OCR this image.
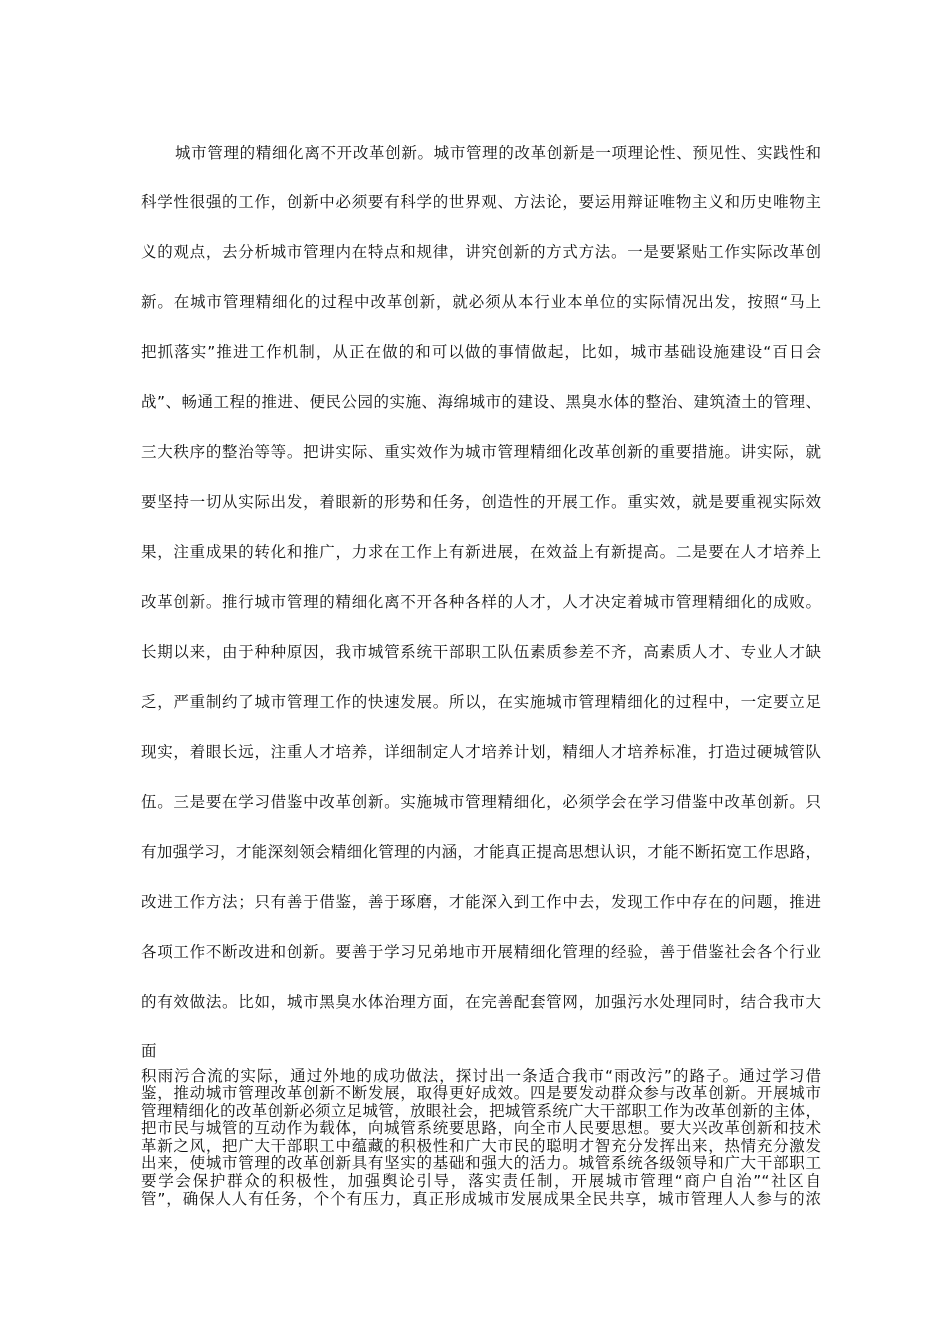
城市管理的精细化离不开改革创新。城市管理的改革创新是一项理论性、预见性、实践性和
科学性很强的工作，创新中必须要有科学的世界观、方法论，要运用辩证唯物主义和历史唯物主
义的观点，去分析城市管理内在特点和规律，讲究创新的方式方法。一是要紧贴工作实际改革创
新。在城市管理精细化的过程中改革创新，就必须从本行业本单位的实际情况出发，按照“马上
把抓落实”推进工作机制，从正在做的和可以做的事情做起，比如，城市基础设施建设“百日会
战”、畅通工程的推进、便民公园的实施、海绵城市的建设、黑臭水体的整治、建筑渣土的管理、
三大秩序的整治等等。把讲实际、重实效作为城市管理精细化改革创新的重要措施。讲实际，就
要坚持一切从实际出发，着眼新的形势和任务，创造性的开展工作。重实效，就是要重视实际效
果，注重成果的转化和推广，力求在工作上有新进展，在效益上有新提高。二是要在人才培养上
改革创新。推行城市管理的精细化离不开各种各样的人才，人才决定着城市管理精细化的成败。
长期以来，由于种种原因，我市城管系统干部职工队伍素质参差不齐，高素质人才、专业人才缺
乏，严重制约了城市管理工作的快速发展。所以，在实施城市管理精细化的过程中，一定要立足
现实，着眼长远，注重人才培养，详细制定人才培养计划，精细人才培养标准，打造过硬城管队
伍。三是要在学习借鉴中改革创新。实施城市管理精细化，必须学会在学习借鉴中改革创新。只
有加强学习，才能深刻领会精细化管理的内涵，才能真正提高思想认识，才能不断拓宽工作思路，
改进工作方法；只有善于借鉴，善于琢磨，才能深入到工作中去，发现工作中存在的问题，推进
各项工作不断改进和创新。要善于学习兄弟地市开展精细化管理的经验，善于借鉴社会各个行业
的有效做法。比如，城市黑臭水体治理方面，在完善配套管网，加强污水处理同时，结合我市大
面
积雨污合流的实际，通过外地的成功做法，探讨出一条适合我市“雨改污”的路子。通过学习借
鉴，推动城市管理改革创新不断发展，取得更好成效。四是要发动群众参与改革创新。开展城市
管理精细化的改革创新必须立足城管，放眼社会，把城管系统广大干部职工作为改革创新的主体，
把市民与城管的互动作为载体，向城管系统要思路，向全市人民要思想。要大兴改革创新和技术
革新之风，把广大干部职工中蕴藏的积极性和广大市民的聪明才智充分发挥出来，热情充分激发
出来，使城市管理的改革创新具有坚实的基础和强大的活力。城管系统各级领导和广大干部职工
要学会保护群众的积极性，加强舆论引导，落实责任制，开展城市管理“商户自治”“社区自
管”，确保人人有任务，个个有压力，真正形成城市发展成果全民共享，城市管理人人参与的浓
